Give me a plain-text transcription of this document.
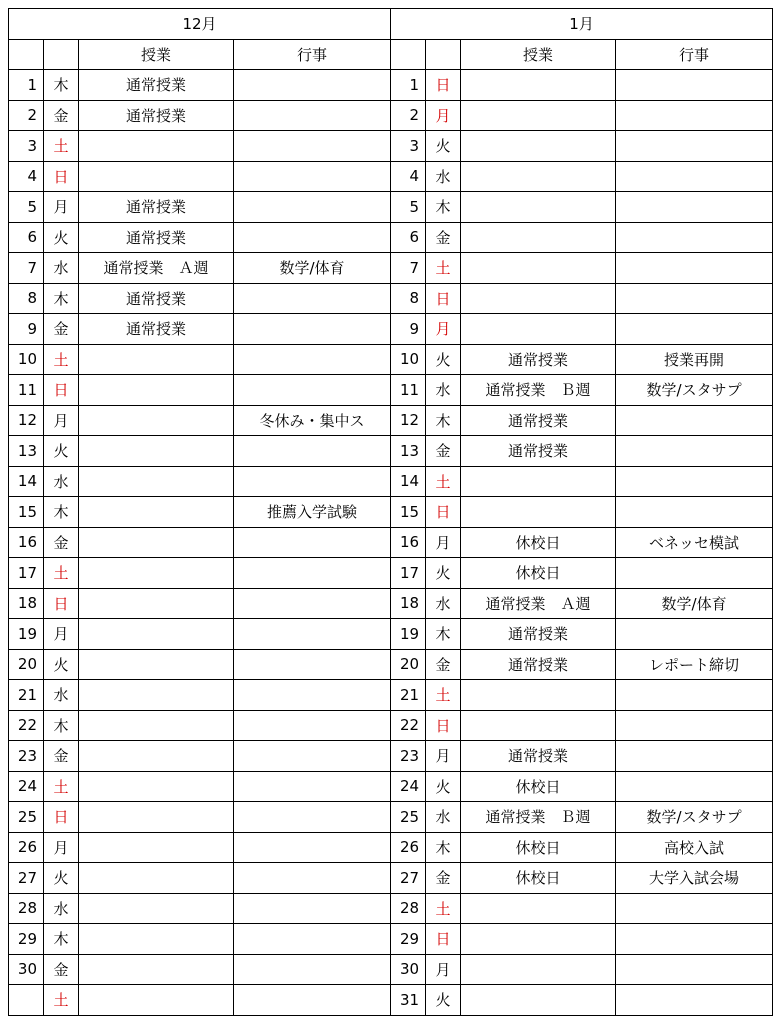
12月				1月			
		授業	行事			授業	行事
1	木	通常授業		1	日		
2	金	通常授業		2	月		
3	土			3	火		
4	日			4	水		
5	月	通常授業		5	木		
6	火	通常授業		6	金		
7	水	通常授業　Ａ週	数学/体育	7	土		
8	木	通常授業		8	日		
9	金	通常授業		9	月		
10	土			10	火	通常授業	授業再開
11	日			11	水	通常授業　Ｂ週	数学/スタサプ
12	月		冬休み・集中ス	12	木	通常授業	
13	火			13	金	通常授業	
14	水			14	土		
15	木		推薦入学試験	15	日		
16	金			16	月	休校日	ベネッセ模試
17	土			17	火	休校日	
18	日			18	水	通常授業　Ａ週	数学/体育
19	月			19	木	通常授業	
20	火			20	金	通常授業	レポート締切
21	水			21	土		
22	木			22	日		
23	金			23	月	通常授業	
24	土			24	火	休校日	
25	日			25	水	通常授業　Ｂ週	数学/スタサプ
26	月			26	木	休校日	高校入試
27	火			27	金	休校日	大学入試会場
28	水			28	土		
29	木			29	日		
30	金			30	月		
	土			31	火		
